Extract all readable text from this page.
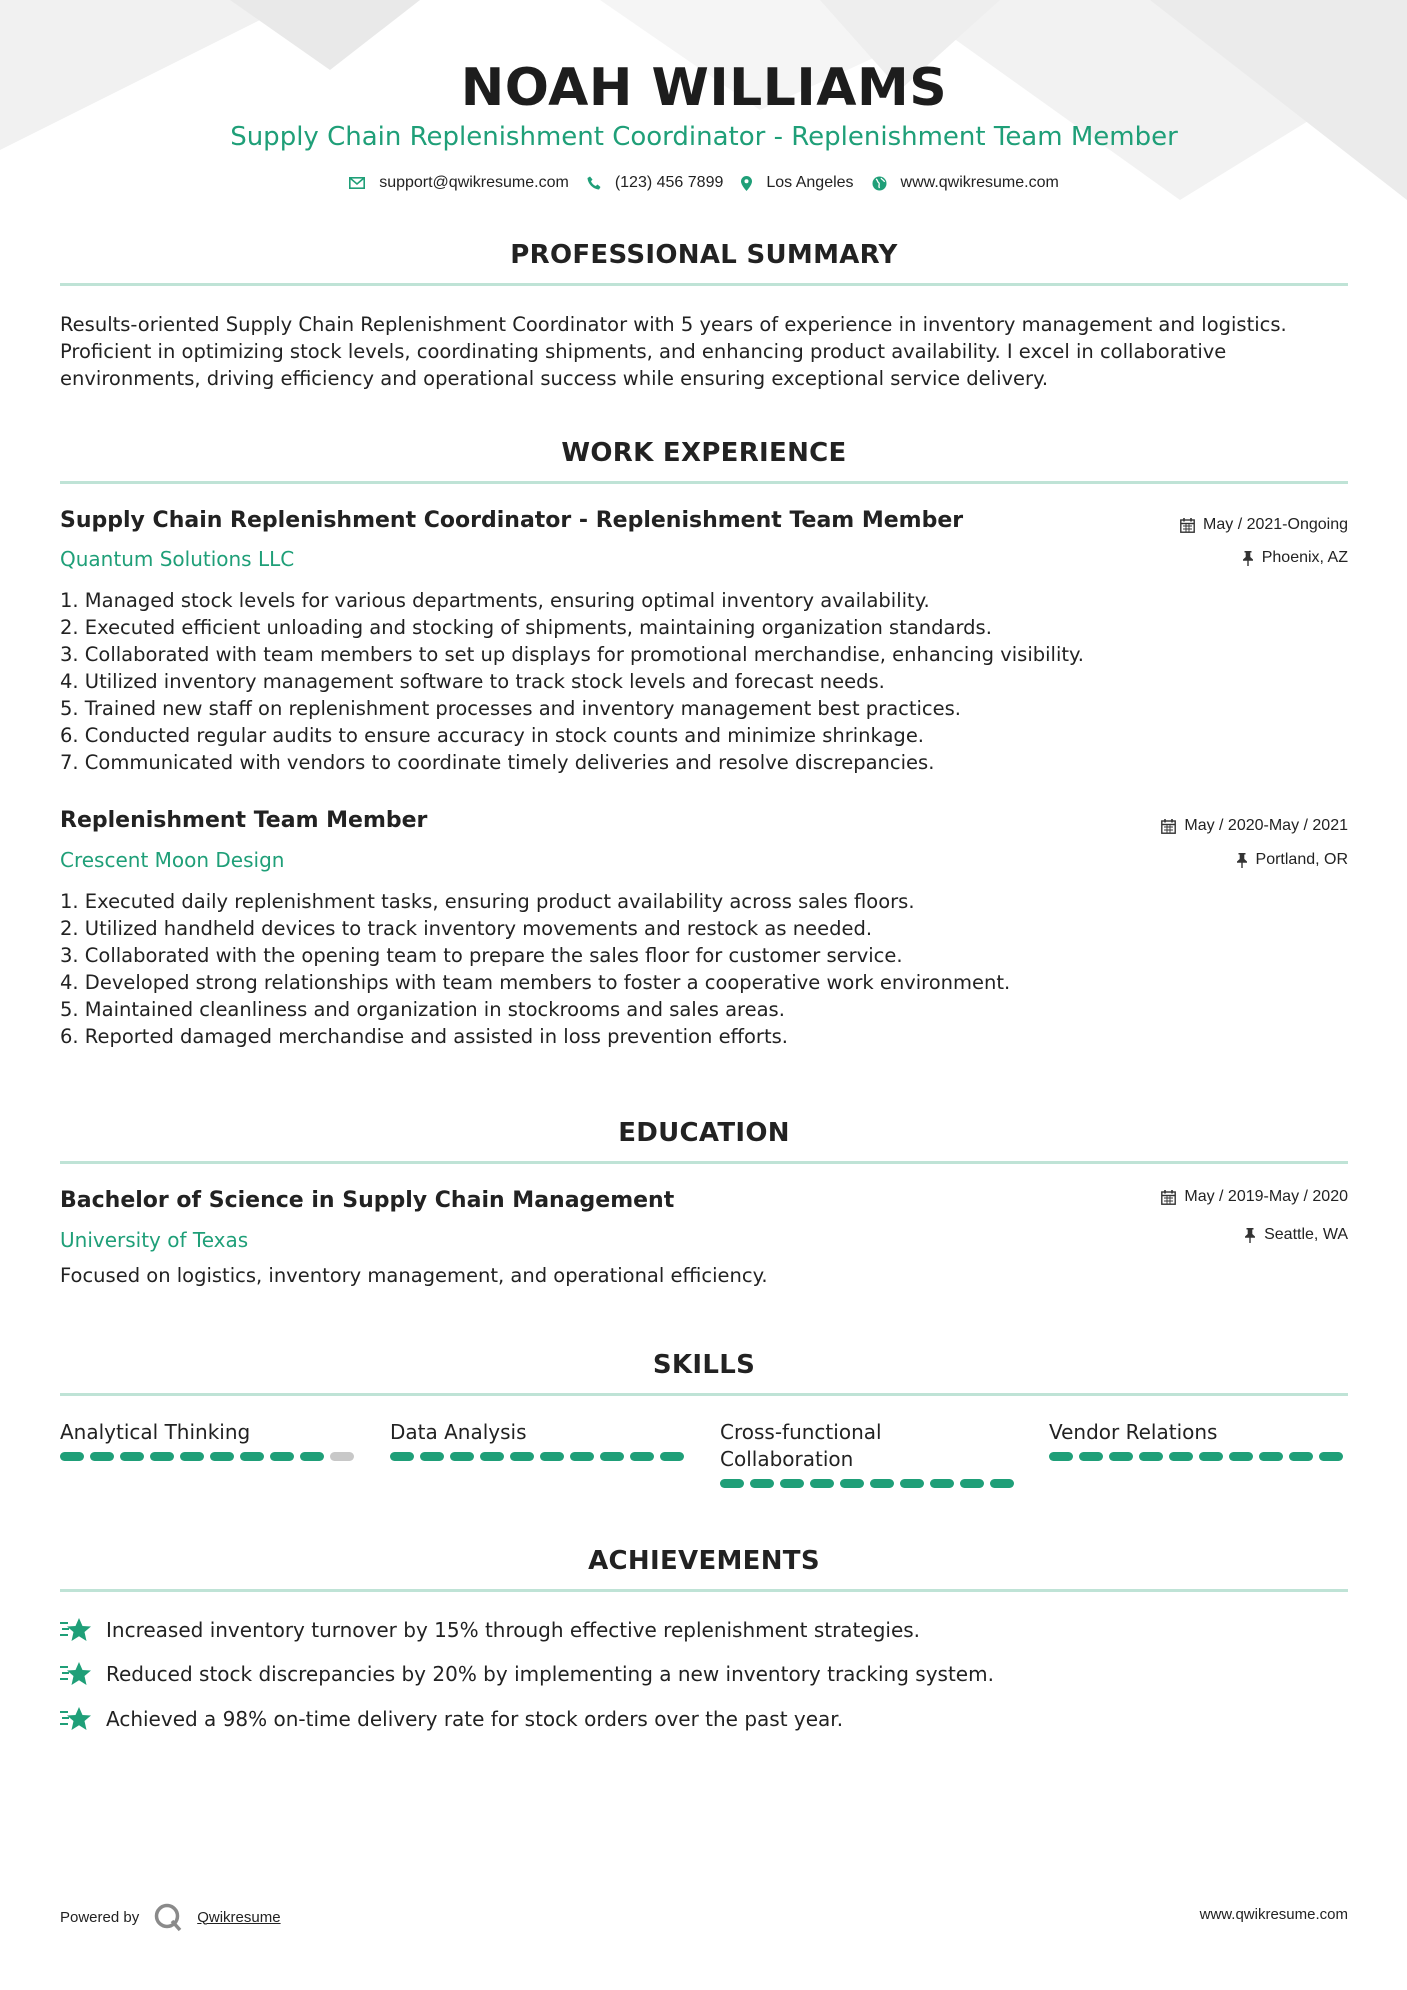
NOAH WILLIAMS
Supply Chain Replenishment Coordinator - Replenishment Team Member
support@qwikresume.com	(123) 456 7899	Los Angeles	www.qwikresume.com
PROFESSIONAL SUMMARY
Results-oriented Supply Chain Replenishment Coordinator with 5 years of experience in inventory management and logistics.
Proficient in optimizing stock levels, coordinating shipments, and enhancing product availability. I excel in collaborative
environments, driving efficiency and operational success while ensuring exceptional service delivery.
WORK EXPERIENCE
Supply Chain Replenishment Coordinator - Replenishment Team Member
Quantum Solutions LLC
May / 2021-Ongoing
Phoenix, AZ
1. Managed stock levels for various departments, ensuring optimal inventory availability.
2. Executed efficient unloading and stocking of shipments, maintaining organization standards.
3. Collaborated with team members to set up displays for promotional merchandise, enhancing visibility.
4. Utilized inventory management software to track stock levels and forecast needs.
5. Trained new staff on replenishment processes and inventory management best practices.
6. Conducted regular audits to ensure accuracy in stock counts and minimize shrinkage.
7. Communicated with vendors to coordinate timely deliveries and resolve discrepancies.
Replenishment Team Member
Crescent Moon Design
May / 2020-May / 2021
Portland, OR
1. Executed daily replenishment tasks, ensuring product availability across sales floors.
2. Utilized handheld devices to track inventory movements and restock as needed.
3. Collaborated with the opening team to prepare the sales floor for customer service.
4. Developed strong relationships with team members to foster a cooperative work environment.
5. Maintained cleanliness and organization in stockrooms and sales areas.
6. Reported damaged merchandise and assisted in loss prevention efforts.
EDUCATION
Bachelor of Science in Supply Chain Management
University of Texas
May / 2019-May / 2020
Seattle, WA
Focused on logistics, inventory management, and operational efficiency.
SKILLS
Analytical Thinking	Data Analysis	Cross-functional Collaboration
Vendor Relations
ACHIEVEMENTS
Increased inventory turnover by 15% through effective replenishment strategies.
Reduced stock discrepancies by 20% by implementing a new inventory tracking system.
Achieved a 98% on-time delivery rate for stock orders over the past year.
Powered by	Qwikresume	www.qwikresume.com
